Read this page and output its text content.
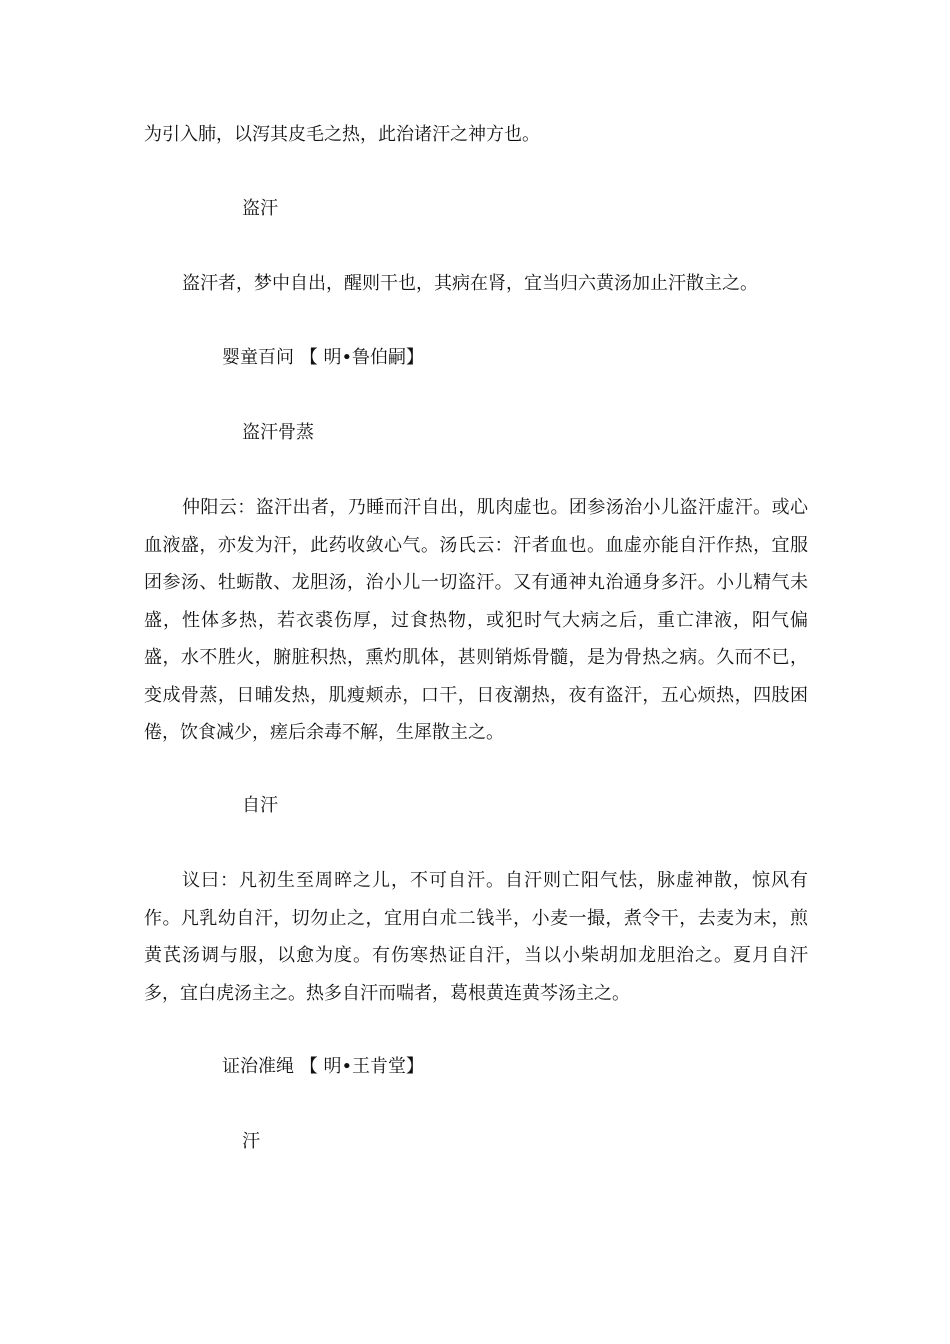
为引入肺，以泻其皮毛之热，此治诸汗之神方也。

盗汗

盗汗者，梦中自出，醒则干也，其病在肾，宜当归六黄汤加止汗散主之。

婴童百问 【 明•鲁伯嗣】

盗汗骨蒸

仲阳云：盗汗出者，乃睡而汗自出，肌肉虚也。团参汤治小儿盗汗虚汗。或心血液盛，亦发为汗，此药收敛心气。汤氏云：汗者血也。血虚亦能自汗作热，宜服团参汤、牡蛎散、龙胆汤，治小儿一切盗汗。又有通神丸治通身多汗。小儿精气未盛，性体多热，若衣裘伤厚，过食热物，或犯时气大病之后，重亡津液，阳气偏盛，水不胜火，腑脏积热，熏灼肌体，甚则销烁骨髓，是为骨热之病。久而不已，变成骨蒸，日晡发热，肌瘦颊赤，口干，日夜潮热，夜有盗汗，五心烦热，四肢困倦，饮食减少，瘥后余毒不解，生犀散主之。

自汗

议曰：凡初生至周晬之儿，不可自汗。自汗则亡阳气怯，脉虚神散，惊风有作。凡乳幼自汗，切勿止之，宜用白朮二钱半，小麦一撮，煮令干，去麦为末，煎黄芪汤调与服，以愈为度。有伤寒热证自汗，当以小柴胡加龙胆治之。夏月自汗多，宜白虎汤主之。热多自汗而喘者，葛根黄连黄芩汤主之。

证治准绳 【 明•王肯堂】

汗
